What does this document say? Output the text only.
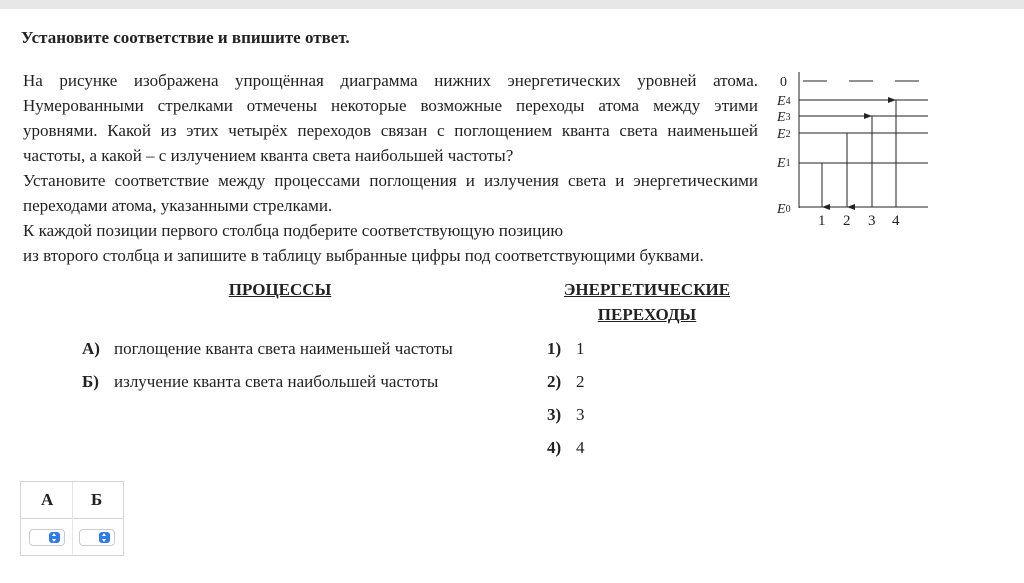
Установите соответствие и впишите ответ.

На рисунке изображена упрощённая диаграмма нижних энергетических уровней атома.

Нумерованными стрелками отмечены некоторые возможные переходы атома между этими

уровнями. Какой из этих четырёх переходов связан с поглощением кванта света наименьшей

частоты, а какой – с излучением кванта света наибольшей частоты?

Установите соответствие между процессами поглощения и излучения света и энергетическими

переходами атома, указанными стрелками.

К каждой позиции первого столбца подберите соответствующую позицию

из второго столбца и запишите в таблицу выбранные цифры под соответствующими буквами.

0
E4
E3
E2
E1
E0
1 2 3 4
ПРОЦЕССЫ	ЭНЕРГЕТИЧЕСКИЕ
ПЕРЕХОДЫ
А) поглощение кванта света наименьшей частоты
Б) излучение кванта света наибольшей частоты
1) 1
2) 2
3) 3
4) 4
А Б
